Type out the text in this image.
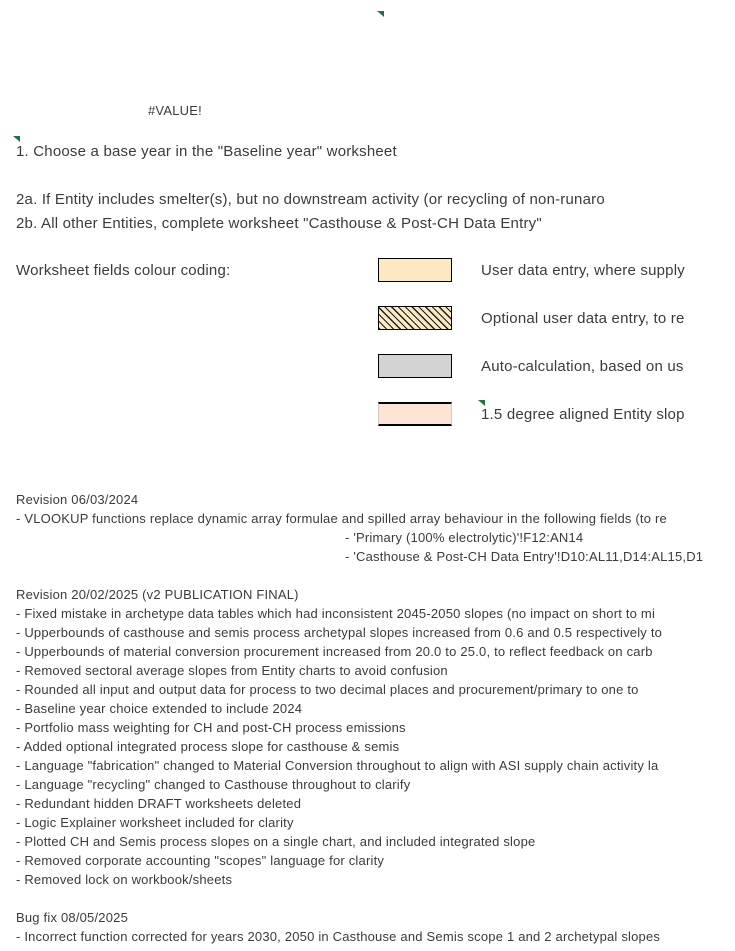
#VALUE!
1. Choose a base year in the "Baseline year" worksheet
2a. If Entity includes smelter(s), but no downstream activity (or recycling of non-runaro
2b. All other Entities, complete worksheet "Casthouse & Post-CH Data Entry"
Worksheet fields colour coding:	User data entry, where supply
Optional user data entry, to re
Auto-calculation, based on us
1.5 degree aligned Entity slop
Revision 06/03/2024
- VLOOKUP functions replace dynamic array formulae and spilled array behaviour in the following fields (to re
- 'Primary (100% electrolytic)'!F12:AN14
- 'Casthouse & Post-CH Data Entry'!D10:AL11,D14:AL15,D1
Revision 20/02/2025 (v2 PUBLICATION FINAL)
- Fixed mistake in archetype data tables which had inconsistent 2045-2050 slopes (no impact on short to mi
- Upperbounds of casthouse and semis process archetypal slopes increased from 0.6 and 0.5 respectively to
- Upperbounds of material conversion procurement increased from 20.0 to 25.0, to reflect feedback on carb
- Removed sectoral average slopes from Entity charts to avoid confusion
- Rounded all input and output data for process to two decimal places and procurement/primary to one to
- Baseline year choice extended to include 2024
- Portfolio mass weighting for CH and post-CH process emissions
- Added optional integrated process slope for casthouse & semis
- Language "fabrication" changed to Material Conversion throughout to align with ASI supply chain activity la
- Language "recycling" changed to Casthouse throughout to clarify
- Redundant hidden DRAFT worksheets deleted
- Logic Explainer worksheet included for clarity
- Plotted CH and Semis process slopes on a single chart, and included integrated slope
- Removed corporate accounting "scopes" language for clarity
- Removed lock on workbook/sheets
Bug fix 08/05/2025
- Incorrect function corrected for years 2030, 2050 in Casthouse and Semis scope 1 and 2 archetypal slopes
